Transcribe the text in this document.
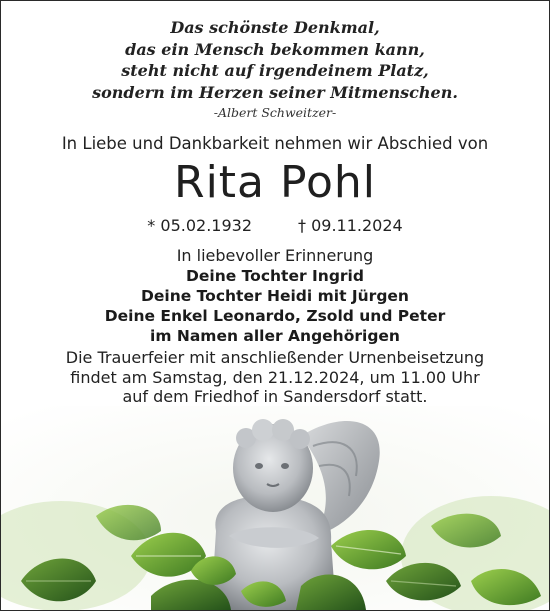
Das schönste Denkmal,
das ein Mensch bekommen kann,
steht nicht auf irgendeinem Platz,
sondern im Herzen seiner Mitmenschen.
-Albert Schweitzer-
In Liebe und Dankbarkeit nehmen wir Abschied von
Rita Pohl
* 05.02.1932	† 09.11.2024
In liebevoller Erinnerung
Deine Tochter Ingrid
Deine Tochter Heidi mit Jürgen
Deine Enkel Leonardo, Zsold und Peter
im Namen aller Angehörigen
Die Trauerfeier mit anschließender Urnenbeisetzung
findet am Samstag, den 21.12.2024, um 11.00 Uhr
auf dem Friedhof in Sandersdorf statt.
